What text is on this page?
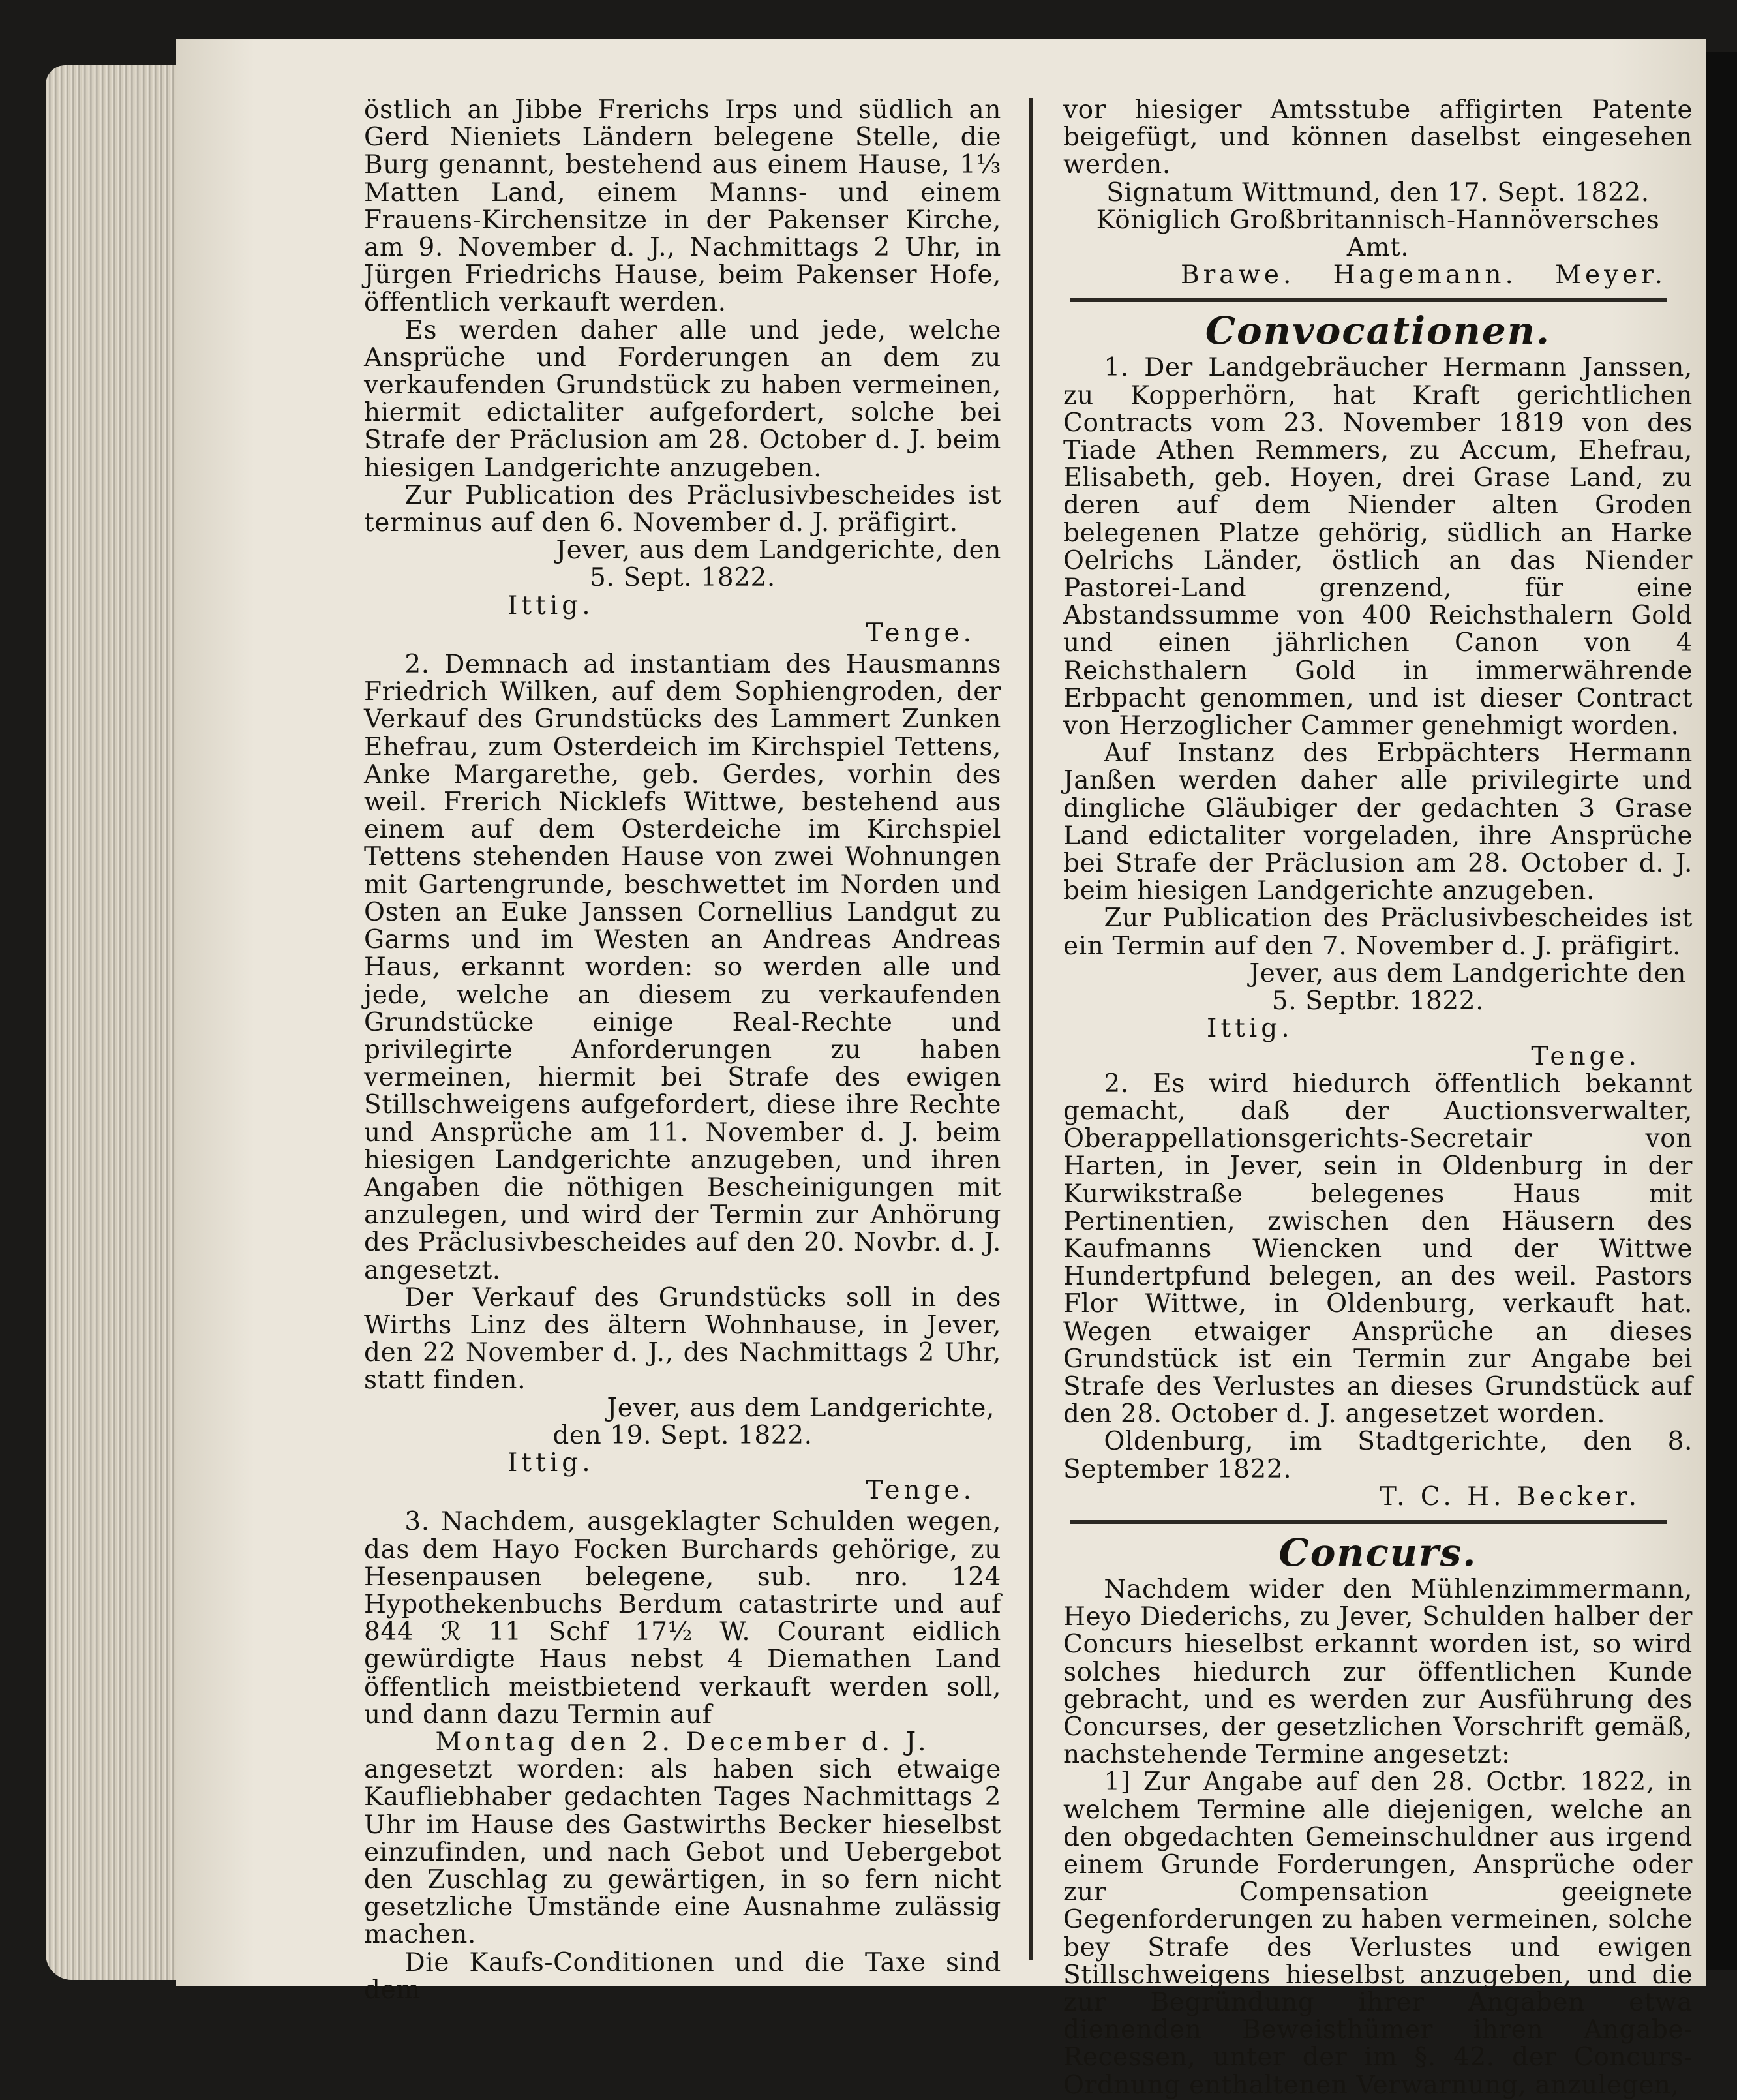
östlich an Jibbe Frerichs Irps und südlich an Gerd Nieniets Ländern belegene Stelle, die Burg genannt, bestehend aus einem Hause, 1⅓ Matten Land, einem Manns- und einem Frauens-Kirchensitze in der Pakenser Kirche, am 9. November d. J., Nachmittags 2 Uhr, in Jürgen Friedrichs Hause, beim Pakenser Hofe, öffentlich verkauft werden.

Es werden daher alle und jede, welche Ansprüche und Forderungen an dem zu verkaufenden Grundstück zu haben vermeinen, hiermit edictaliter aufgefordert, solche bei Strafe der Präclusion am 28. October d. J. beim hiesigen Landgerichte anzugeben.

Zur Publication des Präclusivbescheides ist terminus auf den 6. November d. J. präfigirt.

Jever, aus dem Landgerichte, den

5. Sept. 1822.

Ittig.

Tenge.

2. Demnach ad instantiam des Hausmanns Friedrich Wilken, auf dem Sophiengroden, der Verkauf des Grundstücks des Lammert Zunken Ehefrau, zum Osterdeich im Kirchspiel Tettens, Anke Margarethe, geb. Gerdes, vorhin des weil. Frerich Nicklefs Wittwe, bestehend aus einem auf dem Osterdeiche im Kirchspiel Tettens stehenden Hause von zwei Wohnungen mit Gartengrunde, beschwettet im Norden und Osten an Euke Janssen Cornellius Landgut zu Garms und im Westen an Andreas Andreas Haus, erkannt worden: so werden alle und jede, welche an diesem zu verkaufenden Grundstücke einige Real-Rechte und privilegirte Anforderungen zu haben vermeinen, hiermit bei Strafe des ewigen Stillschweigens aufgefordert, diese ihre Rechte und Ansprüche am 11. November d. J. beim hiesigen Landgerichte anzugeben, und ihren Angaben die nöthigen Bescheinigungen mit anzulegen, und wird der Termin zur Anhörung des Präclusivbescheides auf den 20. Novbr. d. J. angesetzt.

Der Verkauf des Grundstücks soll in des Wirths Linz des ältern Wohnhause, in Jever, den 22 November d. J., des Nachmittags 2 Uhr, statt finden.

Jever, aus dem Landgerichte,

den 19. Sept. 1822.

Ittig.

Tenge.

3. Nachdem, ausgeklagter Schulden wegen, das dem Hayo Focken Burchards gehörige, zu Hesenpausen belegene, sub. nro. 124 Hypothekenbuchs Berdum catastrirte und auf 844 ℛ 11 Schf 17½ W. Courant eidlich gewürdigte Haus nebst 4 Diemathen Land öffentlich meistbietend verkauft werden soll, und dann dazu Termin auf

Montag den 2. December d. J.

angesetzt worden: als haben sich etwaige Kaufliebhaber gedachten Tages Nachmittags 2 Uhr im Hause des Gastwirths Becker hieselbst einzufinden, und nach Gebot und Uebergebot den Zuschlag zu gewärtigen, in so fern nicht gesetzliche Umstände eine Ausnahme zulässig machen.

Die Kaufs-Conditionen und die Taxe sind dem

vor hiesiger Amtsstube affigirten Patente beigefügt, und können daselbst eingesehen werden.

Signatum Wittmund, den 17. Sept. 1822.

Königlich Großbritannisch-Hannöversches Amt.

Brawe. Hagemann. Meyer.
Convocationen.

1. Der Landgebräucher Hermann Janssen, zu Kopperhörn, hat Kraft gerichtlichen Contracts vom 23. November 1819 von des Tiade Athen Remmers, zu Accum, Ehefrau, Elisabeth, geb. Hoyen, drei Grase Land, zu deren auf dem Niender alten Groden belegenen Platze gehörig, südlich an Harke Oelrichs Länder, östlich an das Niender Pastorei-Land grenzend, für eine Abstandssumme von 400 Reichsthalern Gold und einen jährlichen Canon von 4 Reichsthalern Gold in immerwährende Erbpacht genommen, und ist dieser Contract von Herzoglicher Cammer genehmigt worden.

Auf Instanz des Erbpächters Hermann Janßen werden daher alle privilegirte und dingliche Gläubiger der gedachten 3 Grase Land edictaliter vorgeladen, ihre Ansprüche bei Strafe der Präclusion am 28. October d. J. beim hiesigen Landgerichte anzugeben.

Zur Publication des Präclusivbescheides ist ein Termin auf den 7. November d. J. präfigirt.

Jever, aus dem Landgerichte den

5. Septbr. 1822.

Ittig.

Tenge.

2. Es wird hiedurch öffentlich bekannt gemacht, daß der Auctionsverwalter, Oberappellationsgerichts-Secretair von Harten, in Jever, sein in Oldenburg in der Kurwikstraße belegenes Haus mit Pertinentien, zwischen den Häusern des Kaufmanns Wiencken und der Wittwe Hundertpfund belegen, an des weil. Pastors Flor Wittwe, in Oldenburg, verkauft hat. Wegen etwaiger Ansprüche an dieses Grundstück ist ein Termin zur Angabe bei Strafe des Verlustes an dieses Grundstück auf den 28. October d. J. angesetzet worden.

Oldenburg, im Stadtgerichte, den 8. September 1822.

T. C. H. Becker.

Concurs.

Nachdem wider den Mühlenzimmermann, Heyo Diederichs, zu Jever, Schulden halber der Concurs hieselbst erkannt worden ist, so wird solches hiedurch zur öffentlichen Kunde gebracht, und es werden zur Ausführung des Concurses, der gesetzlichen Vorschrift gemäß, nachstehende Termine angesetzt:

1] Zur Angabe auf den 28. Octbr. 1822, in welchem Termine alle diejenigen, welche an den obgedachten Gemeinschuldner aus irgend einem Grunde Forderungen, Ansprüche oder zur Compensation geeignete Gegenforderungen zu haben vermeinen, solche bey Strafe des Verlustes und ewigen Stillschweigens hieselbst anzugeben, und die zur Begründung ihrer Angaben etwa dienenden Beweisthümer ihren Angabe-Recessen, unter der im §. 42. der Concurs-Ordnung enthaltenen Verwarnung, anzulegen,
